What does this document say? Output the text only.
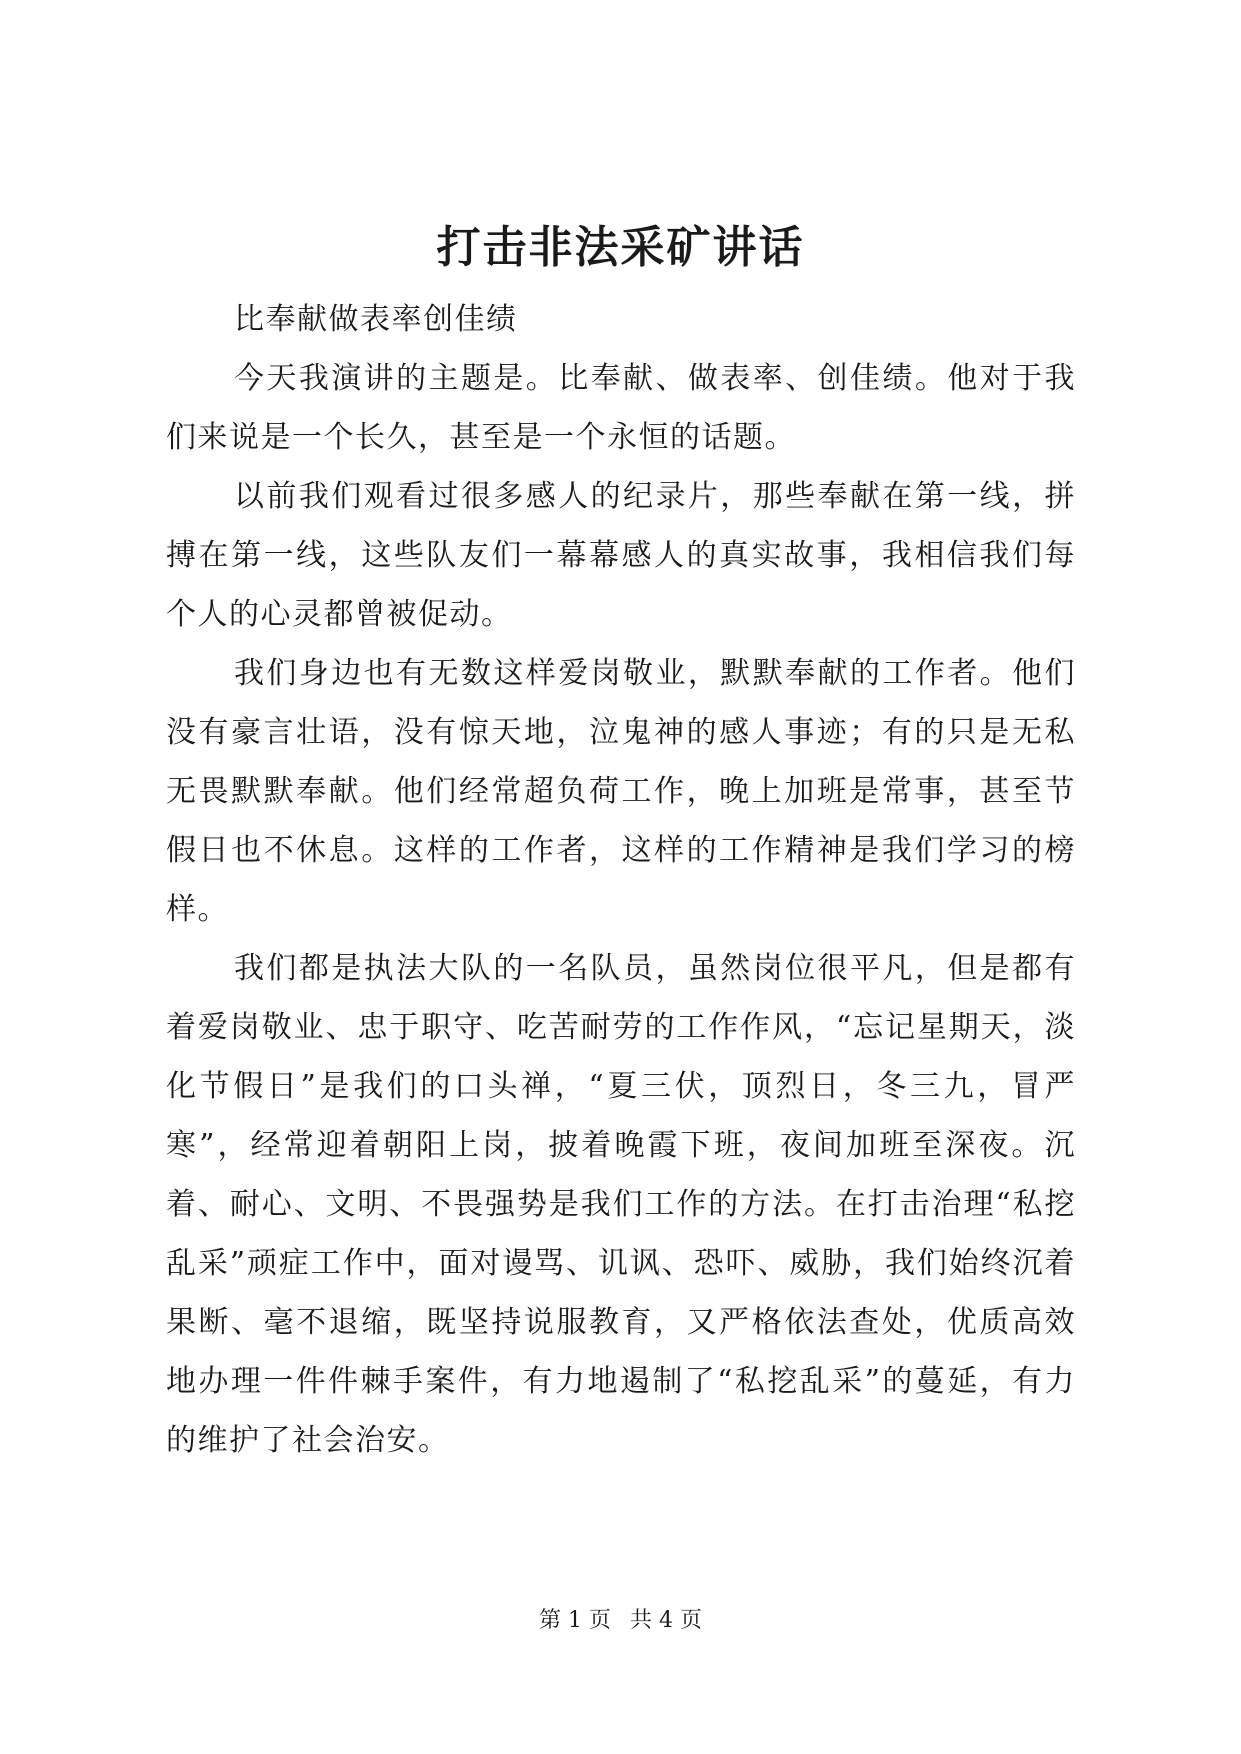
打击非法采矿讲话

比奉献做表率创佳绩

今天我演讲的主题是。比奉献、做表率、创佳绩。他对于我们来说是一个长久，甚至是一个永恒的话题。

以前我们观看过很多感人的纪录片，那些奉献在第一线，拼搏在第一线，这些队友们一幕幕感人的真实故事，我相信我们每个人的心灵都曾被促动。

我们身边也有无数这样爱岗敬业，默默奉献的工作者。他们没有豪言壮语，没有惊天地，泣鬼神的感人事迹；有的只是无私无畏默默奉献。他们经常超负荷工作，晚上加班是常事，甚至节假日也不休息。这样的工作者，这样的工作精神是我们学习的榜样。

我们都是执法大队的一名队员，虽然岗位很平凡，但是都有着爱岗敬业、忠于职守、吃苦耐劳的工作作风，“忘记星期天，淡化节假日”是我们的口头禅，“夏三伏，顶烈日，冬三九，冒严寒”，经常迎着朝阳上岗，披着晚霞下班，夜间加班至深夜。沉着、耐心、文明、不畏强势是我们工作的方法。在打击治理“私挖乱采”顽症工作中，面对谩骂、讥讽、恐吓、威胁，我们始终沉着果断、毫不退缩，既坚持说服教育，又严格依法查处，优质高效地办理一件件棘手案件，有力地遏制了“私挖乱采”的蔓延，有力的维护了社会治安。

第 1 页 共 4 页
